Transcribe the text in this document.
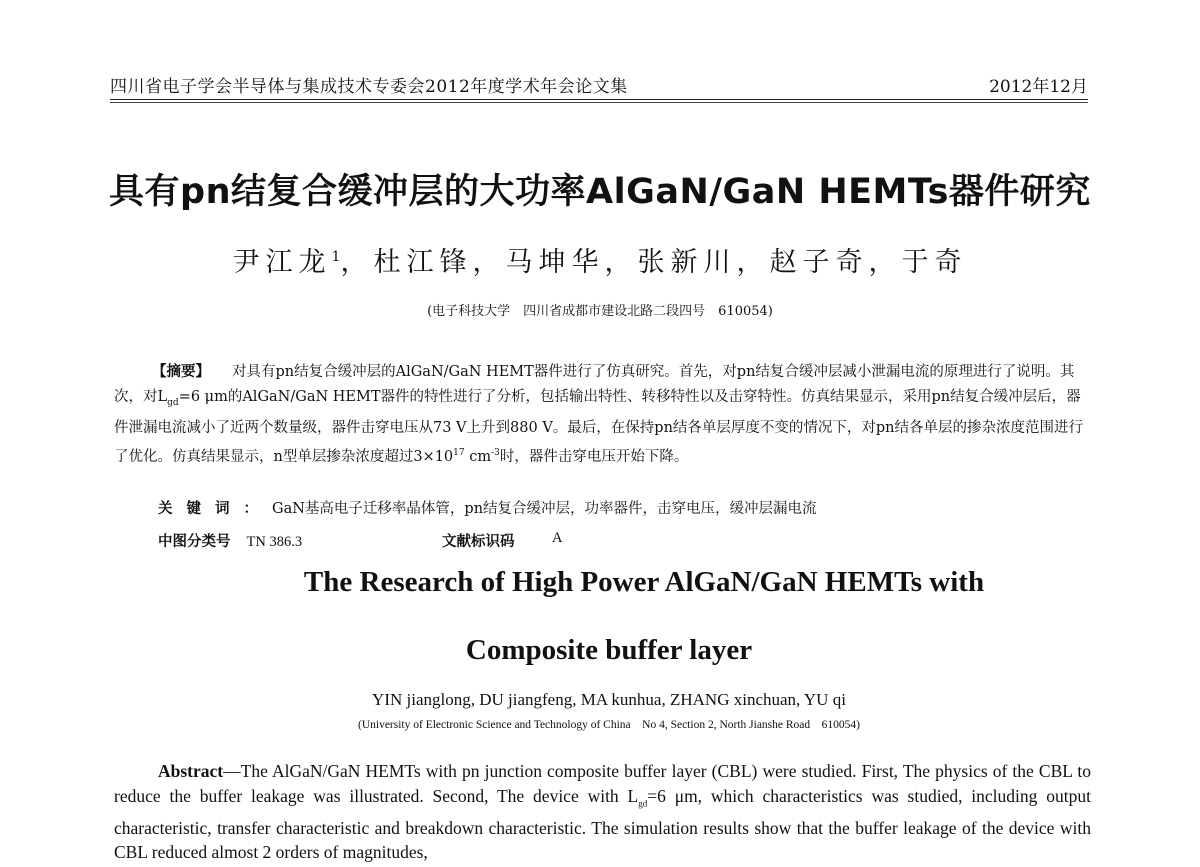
四川省电子学会半导体与集成技术专委会2012年度学术年会论文集	2012年12月
具有pn结复合缓冲层的大功率AlGaN/GaN HEMTs器件研究
尹江龙$^1$，杜江锋，马坤华，张新川，赵子奇，于奇
(电子科技大学　四川省成都市建设北路二段四号　610054)
【摘要】 对具有pn结复合缓冲层的AlGaN/GaN HEMT器件进行了仿真研究。首先，对pn结复合缓冲层减小泄漏电流的原理进行了说明。其次，对$L_{gd}=6$ μm的AlGaN/GaN HEMT器件的特性进行了分析，包括输出特性、转移特性以及击穿特性。仿真结果显示，采用pn结复合缓冲层后，器件泄漏电流减小了近两个数量级，器件击穿电压从73 V上升到880 V。最后，在保持pn结各单层厚度不变的情况下，对pn结各单层的掺杂浓度范围进行了优化。仿真结果显示，n型单层掺杂浓度超过$3\times 10^{17}$ $cm^{-3}$时，器件击穿电压开始下降。
关键词：GaN基高电子迁移率晶体管，pn结复合缓冲层，功率器件，击穿电压，缓冲层漏电流
中图分类号 TN 386.3	文献标识码	A
The Research of High Power AlGaN/GaN HEMTs with
Composite buffer layer
YIN jianglong, DU jiangfeng, MA kunhua, ZHANG xinchuan, YU qi
(University of Electronic Science and Technology of China　No 4, Section 2, North Jianshe Road　610054)
Abstract—The AlGaN/GaN HEMTs with pn junction composite buffer layer (CBL) were studied. First, The physics of the CBL to reduce the buffer leakage was illustrated. Second, The device with $L_{gd}=6$ μm, which characteristics was studied, including output characteristic, transfer characteristic and breakdown characteristic. The simulation results show that the buffer leakage of the device with CBL reduced almost 2 orders of magnitudes,
